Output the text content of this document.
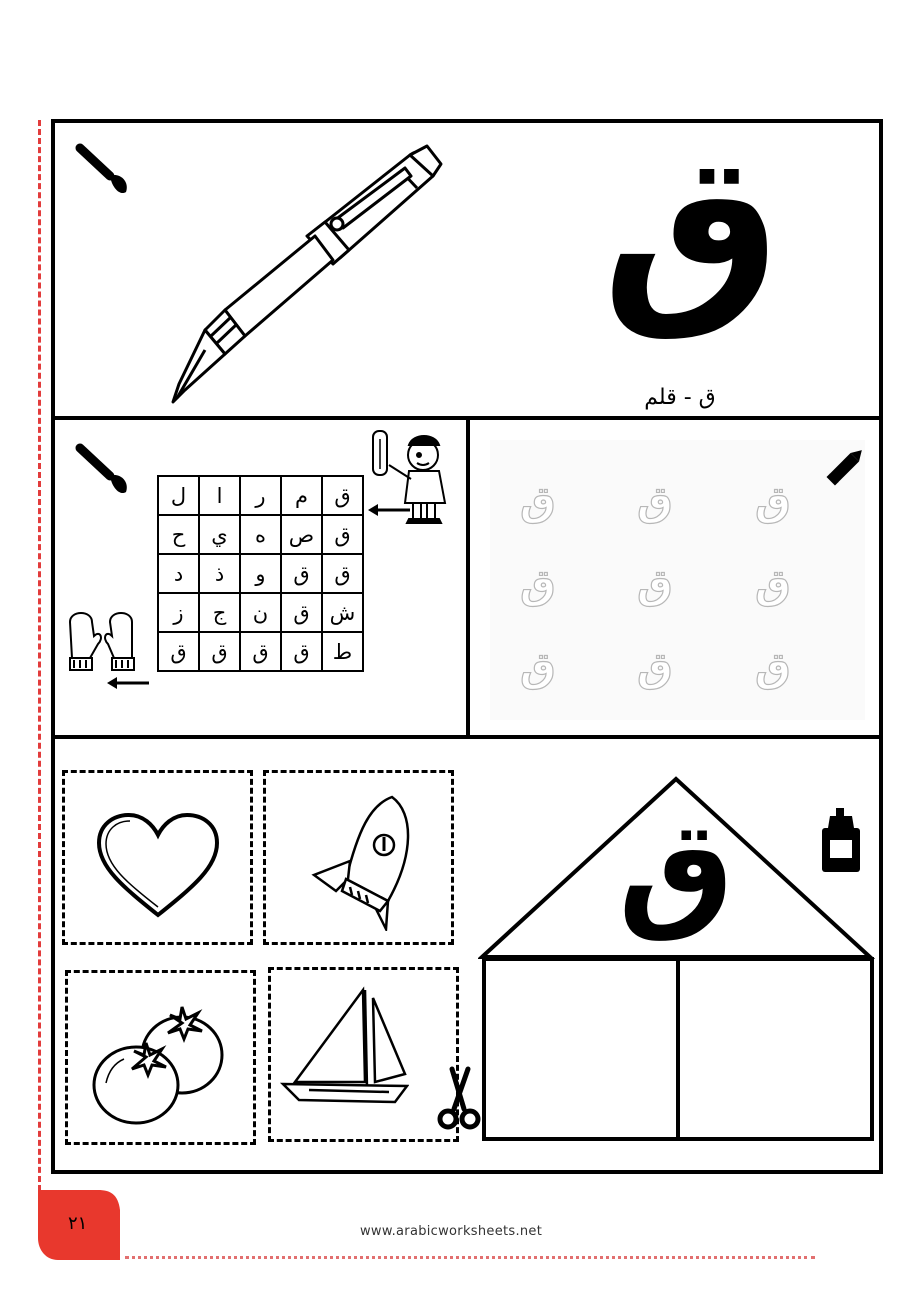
ق
ق - قلم
ل	ا	ر	م	ق
ح	ي	ه	ص	ق
د	ذ	و	ق	ق
ز	ج	ن	ق	ش
ق	ق	ق	ق	ط
ق ق ق
ق ق ق
ق ق ق
ق
٢١	www.arabicworksheets.net
